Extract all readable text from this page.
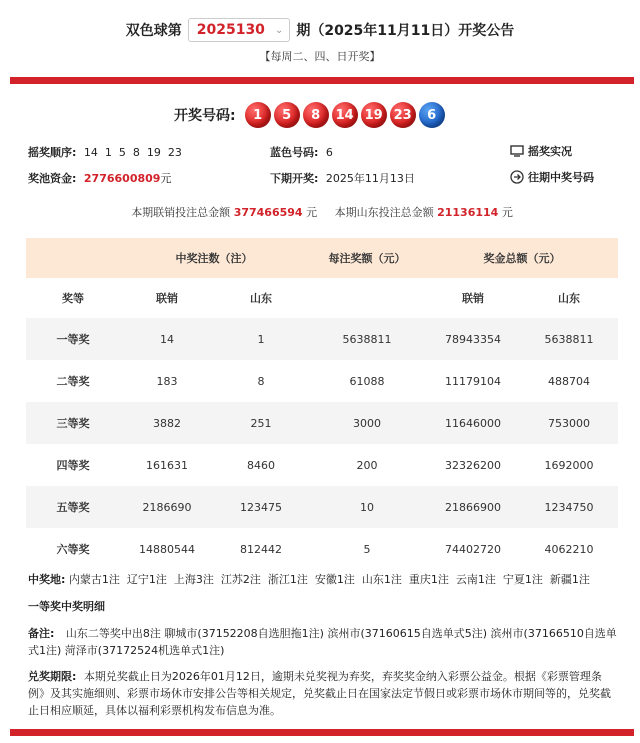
双色球第 2025130 ⌄ 期（2025年11月11日）开奖公告
【每周二、四、日开奖】
开奖号码:	1	5	8	14 19 23	6
摇奖顺序: 14  1  5  8  19  23	蓝色号码: 6	摇奖实况
奖池资金: 2776600809元	下期开奖: 2025年11月13日	往期中奖号码
本期联销投注总金额 377466594 元 本期山东投注总金额 21136114 元
	中奖注数（注）		每注奖额（元）	奖金总额（元）	
奖等	联销	山东		联销	山东
一等奖	14	1	5638811	78943354	5638811
二等奖	183	8	61088	11179104	488704
三等奖	3882	251	3000	11646000	753000
四等奖	161631	8460	200	32326200	1692000
五等奖	2186690	123475	10	21866900	1234750
六等奖	14880544	812442	5	74402720	4062210
中奖地: 内蒙古1注  辽宁1注  上海3注  江苏2注  浙江1注  安徽1注  山东1注  重庆1注  云南1注  宁夏1注  新疆1注
一等奖中奖明细
备注: 山东二等奖中出8注 聊城市(37152208自选胆拖1注) 滨州市(37160615自选单式5注) 滨州市(37166510自选单式1注) 菏泽市(37172524机选单式1注)
兑奖期限: 本期兑奖截止日为2026年01月12日，逾期未兑奖视为弃奖，弃奖奖金纳入彩票公益金。根据《彩票管理条例》及其实施细则、彩票市场休市安排公告等相关规定，兑奖截止日在国家法定节假日或彩票市场休市期间等的，兑奖截止日相应顺延，具体以福利彩票机构发布信息为准。
